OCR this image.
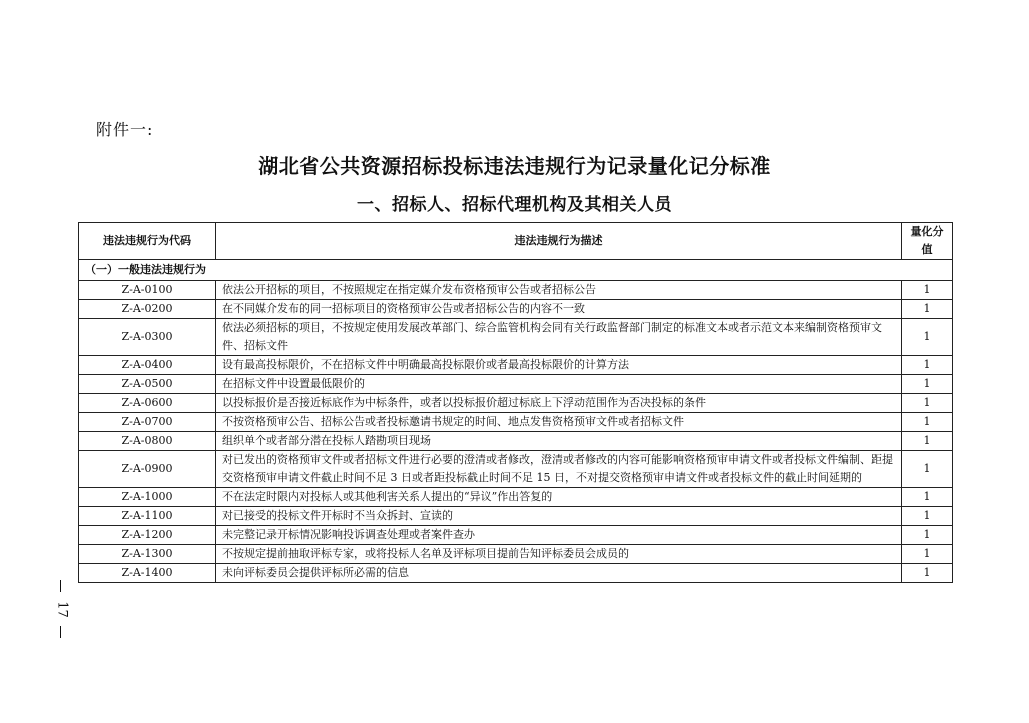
附件一:
湖北省公共资源招标投标违法违规行为记录量化记分标准
一、招标人、招标代理机构及其相关人员
违法违规行为代码	违法违规行为描述	量化分值
（一）一般违法违规行为		
Z-A-0100	依法公开招标的项目，不按照规定在指定媒介发布资格预审公告或者招标公告	1
Z-A-0200	在不同媒介发布的同一招标项目的资格预审公告或者招标公告的内容不一致	1
Z-A-0300	依法必须招标的项目，不按规定使用发展改革部门、综合监管机构会同有关行政监督部门制定的标准文本或者示范文本来编制资格预审文件、招标文件	1
Z-A-0400	设有最高投标限价，不在招标文件中明确最高投标限价或者最高投标限价的计算方法	1
Z-A-0500	在招标文件中设置最低限价的	1
Z-A-0600	以投标报价是否接近标底作为中标条件，或者以投标报价超过标底上下浮动范围作为否决投标的条件	1
Z-A-0700	不按资格预审公告、招标公告或者投标邀请书规定的时间、地点发售资格预审文件或者招标文件	1
Z-A-0800	组织单个或者部分潜在投标人踏勘项目现场	1
Z-A-0900	对已发出的资格预审文件或者招标文件进行必要的澄清或者修改，澄清或者修改的内容可能影响资格预审申请文件或者投标文件编制、距提交资格预审申请文件截止时间不足 3 日或者距投标截止时间不足 15 日，不对提交资格预审申请文件或者投标文件的截止时间延期的	1
Z-A-1000	不在法定时限内对投标人或其他利害关系人提出的“异议”作出答复的	1
Z-A-1100	对已接受的投标文件开标时不当众拆封、宣读的	1
Z-A-1200	未完整记录开标情况影响投诉调查处理或者案件查办	1
Z-A-1300	不按规定提前抽取评标专家，或将投标人名单及评标项目提前告知评标委员会成员的	1
Z-A-1400	未向评标委员会提供评标所必需的信息	1
17
